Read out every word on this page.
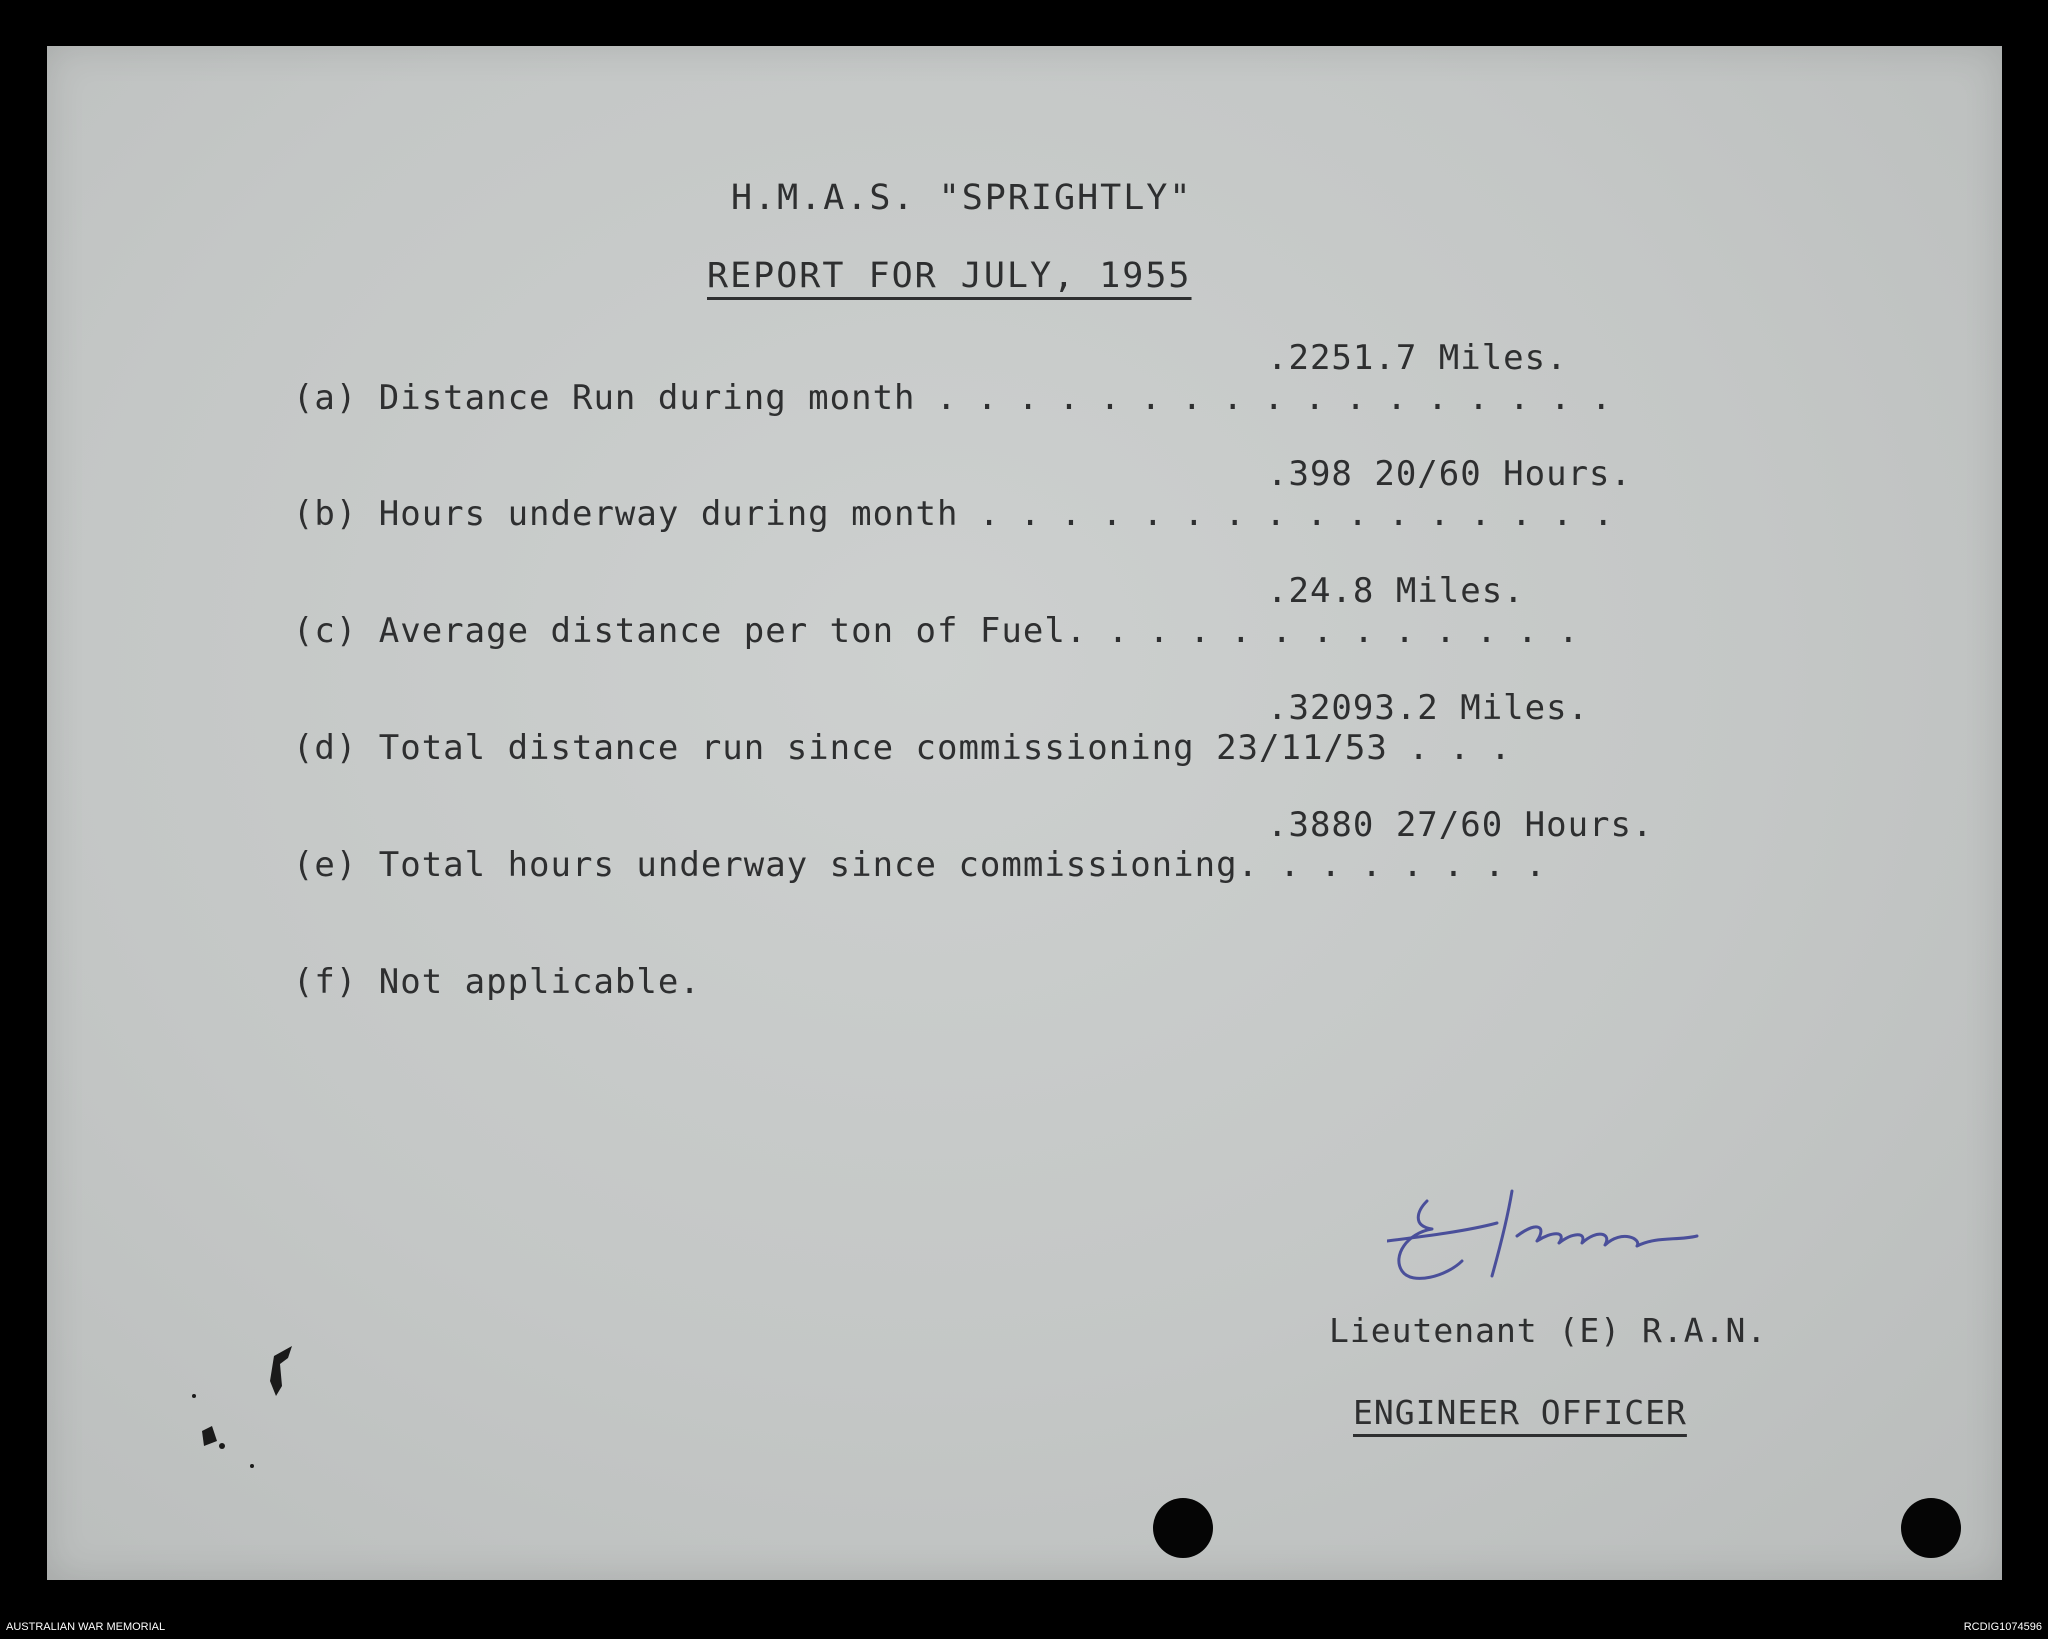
H.M.A.S. "SPRIGHTLY"
REPORT FOR JULY, 1955

(a) Distance Run during month . . . . . . . . . . . . . . . . .

.2251.7 Miles.

(b) Hours underway during month . . . . . . . . . . . . . . . .

.398 20/60 Hours.

(c) Average distance per ton of Fuel. . . . . . . . . . . . .

.24.8 Miles.

(d) Total distance run since commissioning 23/11/53 . . .

.32093.2 Miles.

(e) Total hours underway since commissioning. . . . . . . .

.3880 27/60 Hours.

(f) Not applicable.

Lieutenant (E) R.A.N.
ENGINEER OFFICER
AUSTRALIAN WAR MEMORIAL	RCDIG1074596
